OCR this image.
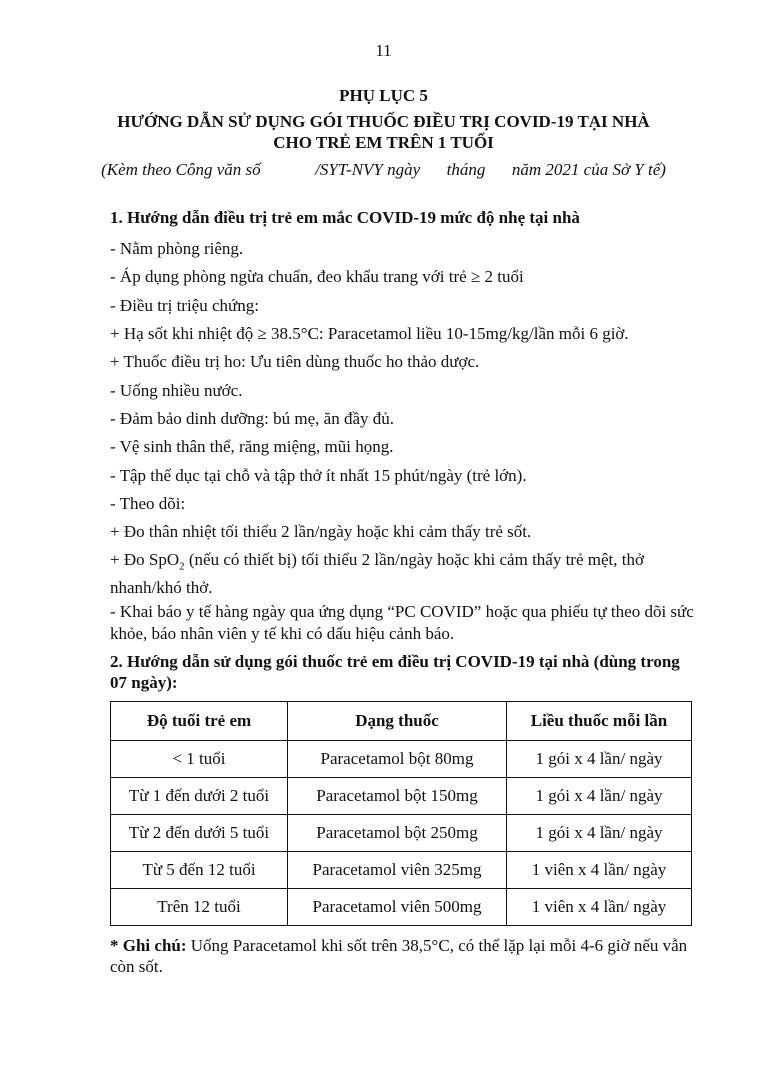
11
PHỤ LỤC 5
HƯỚNG DẪN SỬ DỤNG GÓI THUỐC ĐIỀU TRỊ COVID-19 TẠI NHÀ
CHO TRẺ EM TRÊN 1 TUỔI
(Kèm theo Công văn số	/SYT-NVY ngày tháng năm 2021 của Sở Y tế)
1. Hướng dẫn điều trị trẻ em mắc COVID-19 mức độ nhẹ tại nhà
- Nằm phòng riêng.
- Áp dụng phòng ngừa chuẩn, đeo khẩu trang với trẻ ≥ 2 tuổi
- Điều trị triệu chứng:
+ Hạ sốt khi nhiệt độ ≥ 38.5°C: Paracetamol liều 10-15mg/kg/lần mỗi 6 giờ.
+ Thuốc điều trị ho: Ưu tiên dùng thuốc ho thảo dược.
- Uống nhiều nước.
- Đảm bảo dinh dưỡng: bú mẹ, ăn đầy đủ.
- Vệ sinh thân thể, răng miệng, mũi họng.
- Tập thể dục tại chỗ và tập thở ít nhất 15 phút/ngày (trẻ lớn).
- Theo dõi:
+ Đo thân nhiệt tối thiểu 2 lần/ngày hoặc khi cảm thấy trẻ sốt.
+ Đo SpO$_2$ (nếu có thiết bị) tối thiểu 2 lần/ngày hoặc khi cảm thấy trẻ mệt, thở nhanh/khó thở.
- Khai báo y tế hàng ngày qua ứng dụng “PC COVID” hoặc qua phiếu tự theo dõi sức khỏe, báo nhân viên y tế khi có dấu hiệu cảnh báo.
2. Hướng dẫn sử dụng gói thuốc trẻ em điều trị COVID-19 tại nhà (dùng trong 07 ngày):
Độ tuổi trẻ em	Dạng thuốc	Liều thuốc mỗi lần
< 1 tuổi	Paracetamol bột 80mg	1 gói x 4 lần/ ngày
Từ 1 đến dưới 2 tuổi	Paracetamol bột 150mg	1 gói x 4 lần/ ngày
Từ 2 đến dưới 5 tuổi	Paracetamol bột 250mg	1 gói x 4 lần/ ngày
Từ 5 đến 12 tuổi	Paracetamol viên 325mg	1 viên x 4 lần/ ngày
Trên 12 tuổi	Paracetamol viên 500mg	1 viên x 4 lần/ ngày
* Ghi chú: Uống Paracetamol khi sốt trên 38,5°C, có thể lặp lại mỗi 4-6 giờ nếu vẫn còn sốt.
